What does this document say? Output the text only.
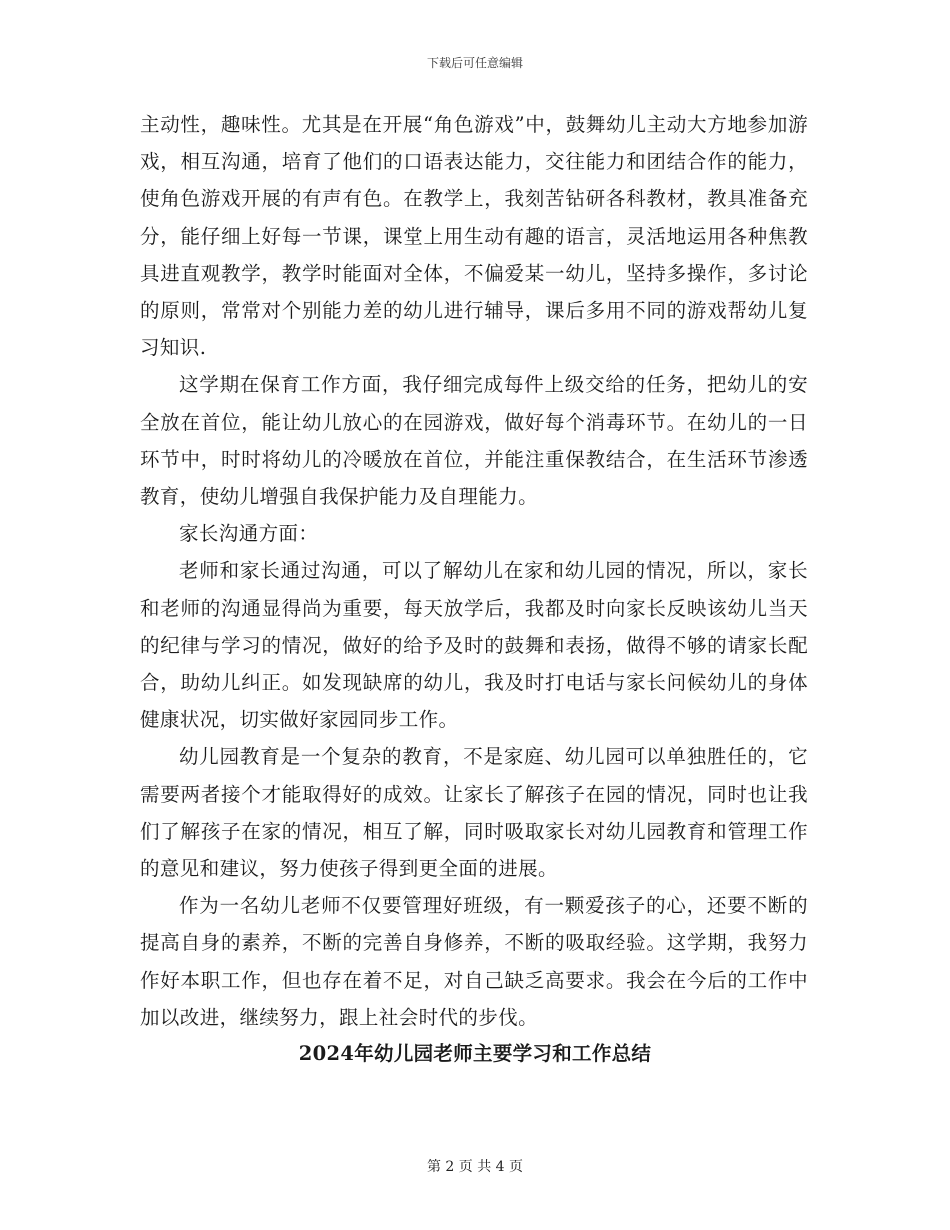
下载后可任意编辑

主动性，趣味性。尤其是在开展“角色游戏”中，鼓舞幼儿主动大方地参加游戏，相互沟通，培育了他们的口语表达能力，交往能力和团结合作的能力，使角色游戏开展的有声有色。在教学上，我刻苦钻研各科教材，教具准备充分，能仔细上好每一节课，课堂上用生动有趣的语言，灵活地运用各种焦教具进直观教学，教学时能面对全体，不偏爱某一幼儿，坚持多操作，多讨论的原则，常常对个别能力差的幼儿进行辅导，课后多用不同的游戏帮幼儿复习知识.

这学期在保育工作方面，我仔细完成每件上级交给的任务，把幼儿的安全放在首位，能让幼儿放心的在园游戏，做好每个消毒环节。在幼儿的一日环节中，时时将幼儿的冷暖放在首位，并能注重保教结合，在生活环节渗透教育，使幼儿增强自我保护能力及自理能力。

家长沟通方面：

老师和家长通过沟通，可以了解幼儿在家和幼儿园的情况，所以，家长和老师的沟通显得尚为重要，每天放学后，我都及时向家长反映该幼儿当天的纪律与学习的情况，做好的给予及时的鼓舞和表扬，做得不够的请家长配合，助幼儿纠正。如发现缺席的幼儿，我及时打电话与家长问候幼儿的身体健康状况，切实做好家园同步工作。

幼儿园教育是一个复杂的教育，不是家庭、幼儿园可以单独胜任的，它需要两者接个才能取得好的成效。让家长了解孩子在园的情况，同时也让我们了解孩子在家的情况，相互了解，同时吸取家长对幼儿园教育和管理工作的意见和建议，努力使孩子得到更全面的进展。

作为一名幼儿老师不仅要管理好班级，有一颗爱孩子的心，还要不断的提高自身的素养，不断的完善自身修养，不断的吸取经验。这学期，我努力作好本职工作，但也存在着不足，对自己缺乏高要求。我会在今后的工作中加以改进，继续努力，跟上社会时代的步伐。

2024年幼儿园老师主要学习和工作总结
第 2 页 共 4 页
